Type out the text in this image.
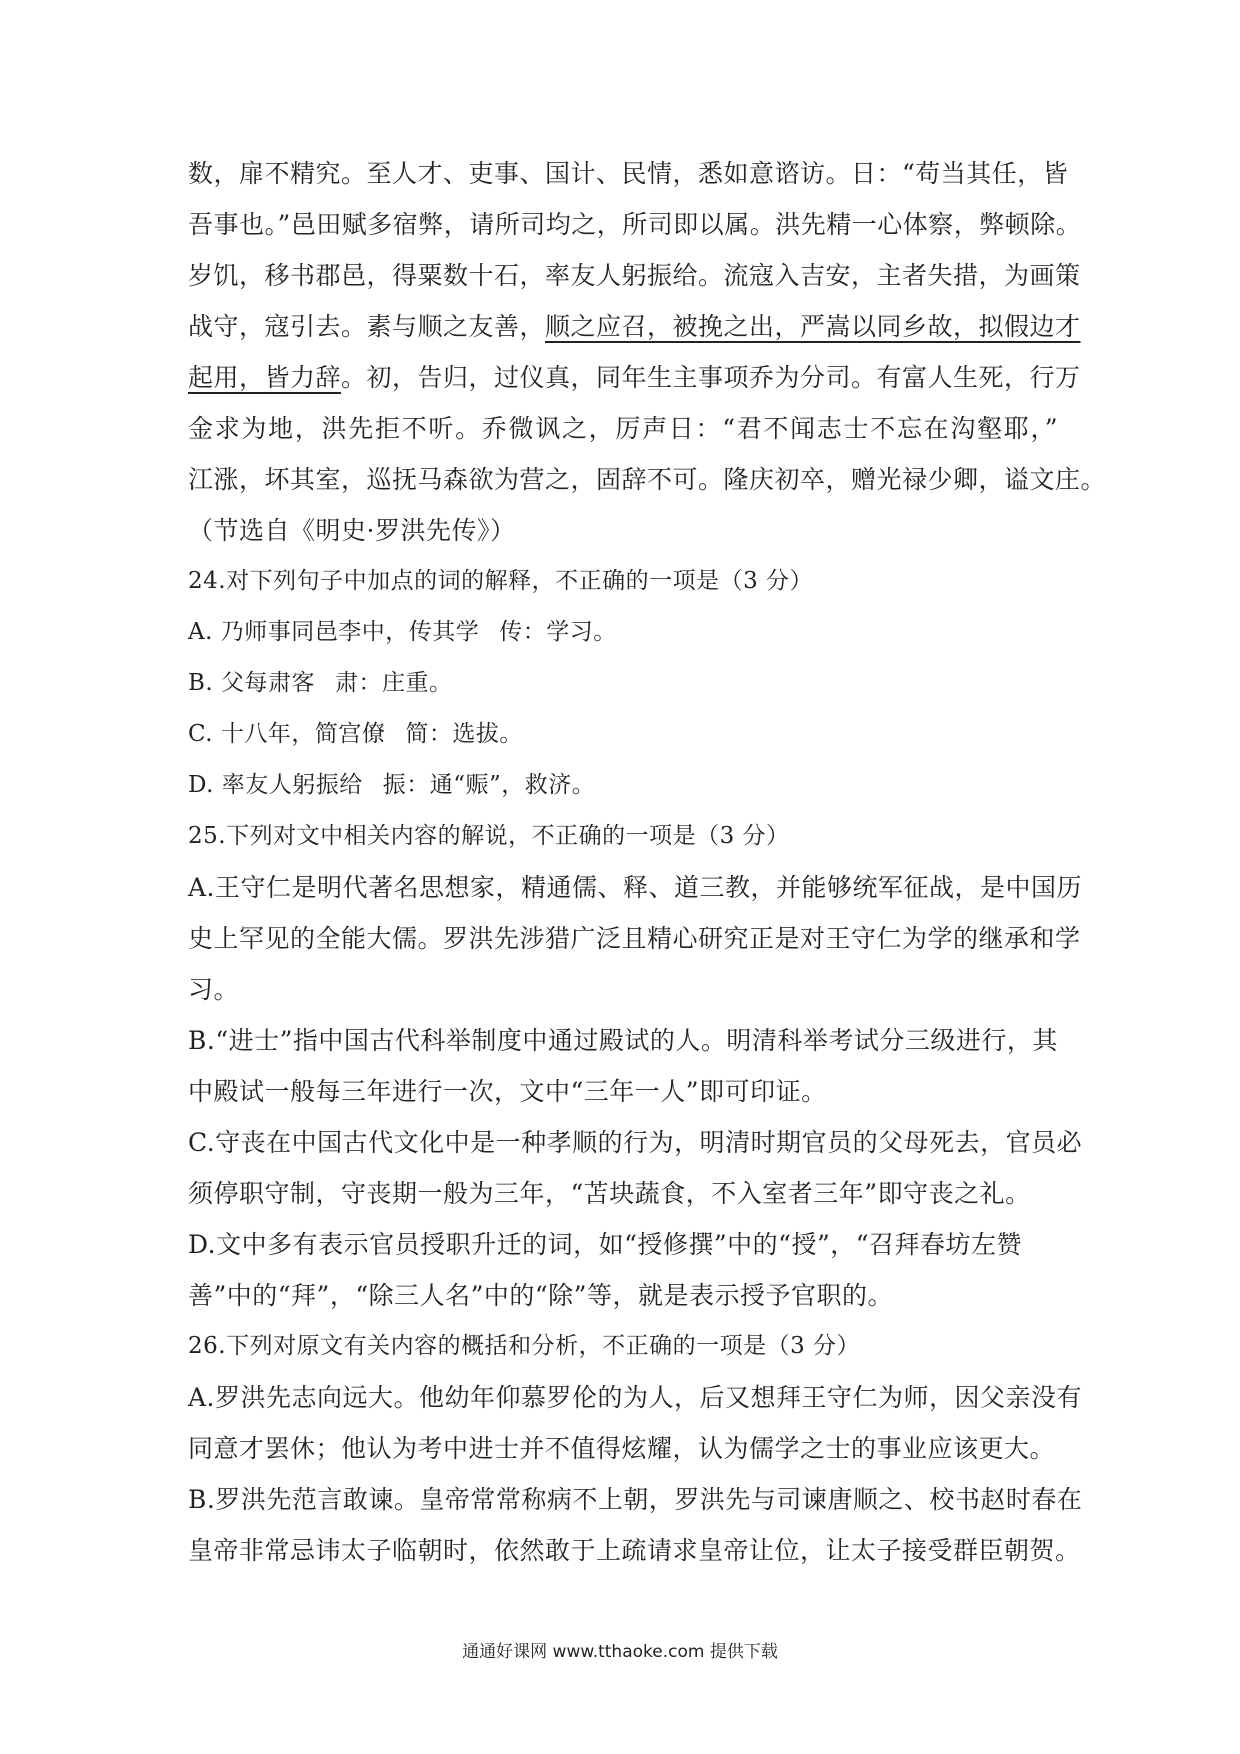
数，扉不精究。至人才、吏事、国计、民情，悉如意谘访。日：“苟当其任，皆
吾事也。”邑田赋多宿弊，请所司均之，所司即以属。洪先精一心体察，弊顿除。
岁饥，移书郡邑，得粟数十石，率友人躬振给。流寇入吉安，主者失措，为画策
战守，寇引去。素与顺之友善，顺之应召，被挽之出，严嵩以同乡故，拟假边才
起用，皆力辞。初，告归，过仪真，同年生主事项乔为分司。有富人生死，行万
金求为地，洪先拒不听。乔微讽之，厉声日：“君不闻志士不忘在沟壑耶，”
江涨，坏其室，巡抚马森欲为营之，固辞不可。隆庆初卒，赠光禄少卿，谥文庄。
（节选自《明史·罗洪先传》）
24.对下列句子中加点的词的解释，不正确的一项是（3 分）
A. 乃师事同邑李中，传其学 传：学习。
B. 父每肃客 肃：庄重。
C. 十八年，简宫僚 简：选拔。
D. 率友人躬振给 振：通“赈”，救济。
25.下列对文中相关内容的解说，不正确的一项是（3 分）
A.王守仁是明代著名思想家，精通儒、释、道三教，并能够统军征战，是中国历
史上罕见的全能大儒。罗洪先涉猎广泛且精心研究正是对王守仁为学的继承和学
习。
B.“进士”指中国古代科举制度中通过殿试的人。明清科举考试分三级进行，其
中殿试一般每三年进行一次，文中“三年一人”即可印证。
C.守丧在中国古代文化中是一种孝顺的行为，明清时期官员的父母死去，官员必
须停职守制，守丧期一般为三年，“苫块蔬食，不入室者三年”即守丧之礼。
D.文中多有表示官员授职升迁的词，如“授修撰”中的“授”，“召拜春坊左赞
善”中的“拜”，“除三人名”中的“除”等，就是表示授予官职的。
26.下列对原文有关内容的概括和分析，不正确的一项是（3 分）
A.罗洪先志向远大。他幼年仰慕罗伦的为人，后又想拜王守仁为师，因父亲没有
同意才罢休；他认为考中进士并不值得炫耀，认为儒学之士的事业应该更大。
B.罗洪先范言敢谏。皇帝常常称病不上朝，罗洪先与司谏唐顺之、校书赵时春在
皇帝非常忌讳太子临朝时，依然敢于上疏请求皇帝让位，让太子接受群臣朝贺。
通通好课网 www.tthaoke.com 提供下载
